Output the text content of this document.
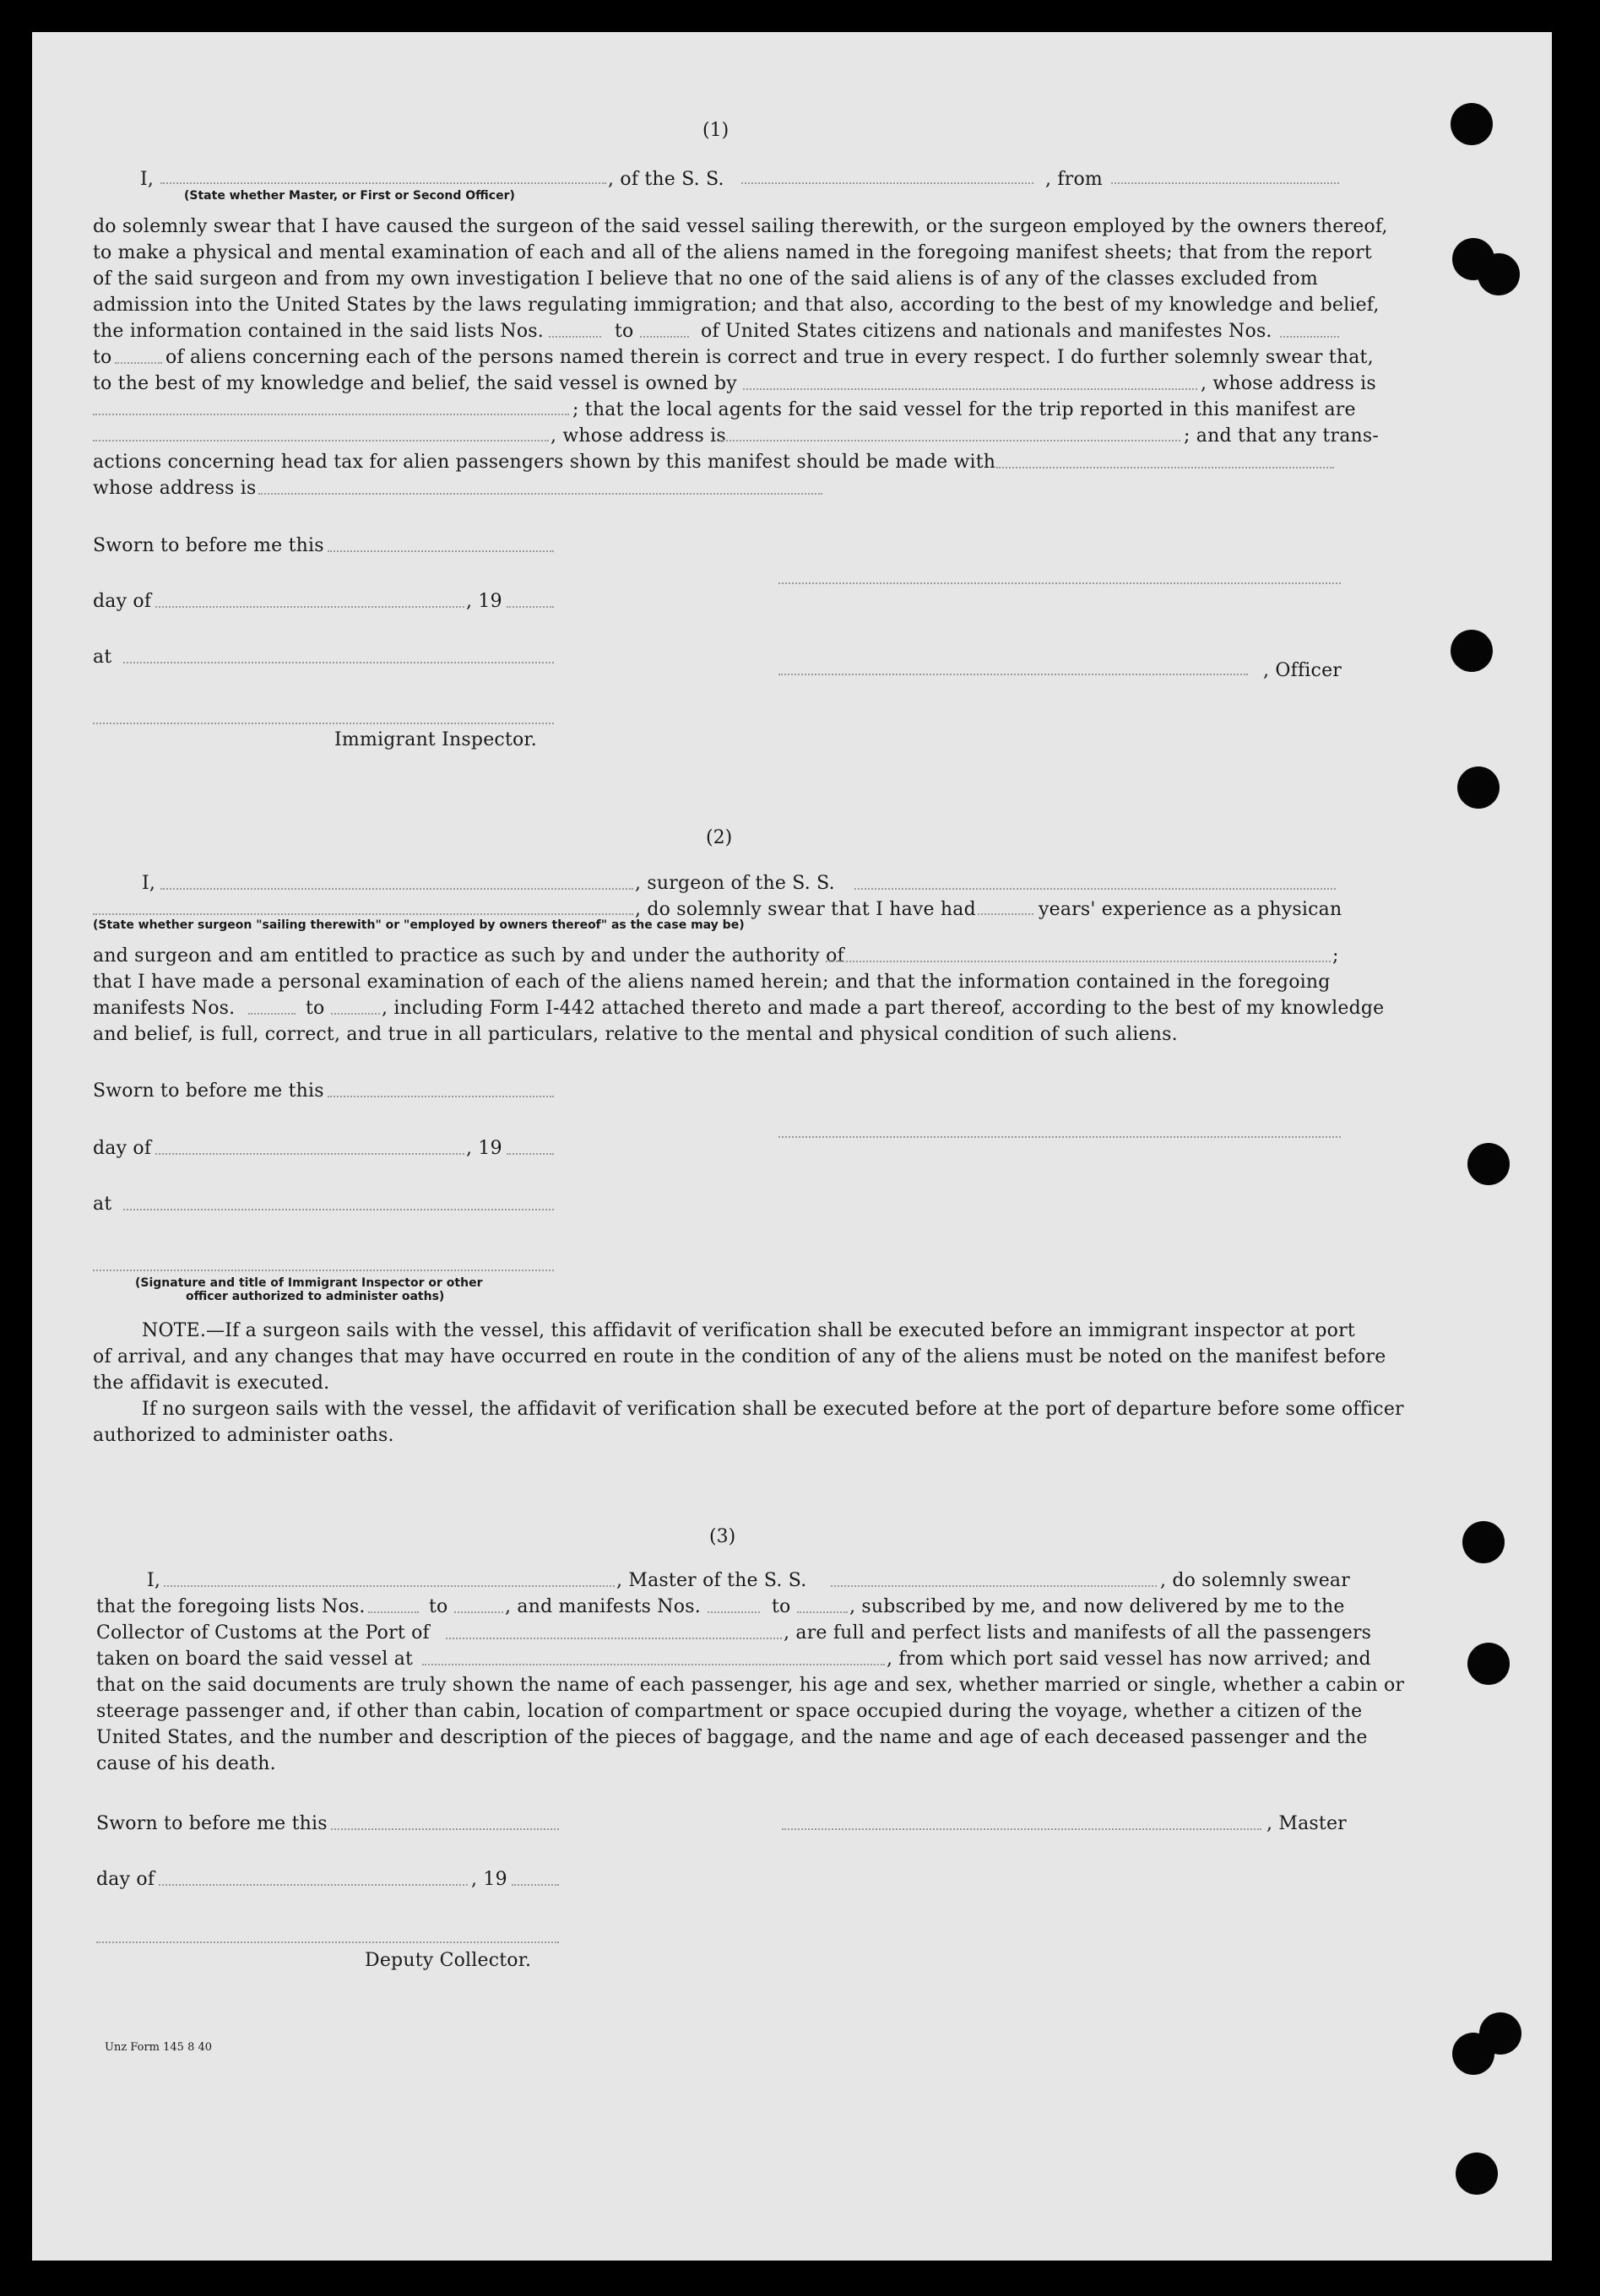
(1)
I,	, of the S. S.	, from
(State whether Master, or First or Second Officer)
do solemnly swear that I have caused the surgeon of the said vessel sailing therewith, or the surgeon employed by the owners thereof,
to make a physical and mental examination of each and all of the aliens named in the foregoing manifest sheets; that from the report
of the said surgeon and from my own investigation I believe that no one of the said aliens is of any of the classes excluded from
admission into the United States by the laws regulating immigration; and that also, according to the best of my knowledge and belief,
the information contained in the said lists Nos.	to	of United States citizens and nationals and manifestes Nos.
to	of aliens concerning each of the persons named therein is correct and true in every respect. I do further solemnly swear that,
to the best of my knowledge and belief, the said vessel is owned by	, whose address is
; that the local agents for the said vessel for the trip reported in this manifest are
, whose address is	; and that any trans-
actions concerning head tax for alien passengers shown by this manifest should be made with
whose address is
Sworn to before me this
day of	, 19
at
, Officer
Immigrant Inspector.
(2)
I,	, surgeon of the S. S.
, do solemnly swear that I have had	years' experience as a physican
(State whether surgeon "sailing therewith" or "employed by owners thereof" as the case may be)
and surgeon and am entitled to practice as such by and under the authority of	;
that I have made a personal examination of each of the aliens named herein; and that the information contained in the foregoing
manifests Nos.	to	, including Form I-442 attached thereto and made a part thereof, according to the best of my knowledge
and belief, is full, correct, and true in all particulars, relative to the mental and physical condition of such aliens.
Sworn to before me this
day of	, 19
at
(Signature and title of Immigrant Inspector or other
officer authorized to administer oaths)
NOTE.—If a surgeon sails with the vessel, this affidavit of verification shall be executed before an immigrant inspector at port
of arrival, and any changes that may have occurred en route in the condition of any of the aliens must be noted on the manifest before
the affidavit is executed.
If no surgeon sails with the vessel, the affidavit of verification shall be executed before at the port of departure before some officer
authorized to administer oaths.
(3)
I,	, Master of the S. S.	, do solemnly swear
that the foregoing lists Nos.	to	, and manifests Nos.	to	, subscribed by me, and now delivered by me to the
Collector of Customs at the Port of	, are full and perfect lists and manifests of all the passengers
taken on board the said vessel at	, from which port said vessel has now arrived; and
that on the said documents are truly shown the name of each passenger, his age and sex, whether married or single, whether a cabin or
steerage passenger and, if other than cabin, location of compartment or space occupied during the voyage, whether a citizen of the
United States, and the number and description of the pieces of baggage, and the name and age of each deceased passenger and the
cause of his death.
Sworn to before me this	, Master
day of	, 19
Deputy Collector.
Unz Form 145 8 40
